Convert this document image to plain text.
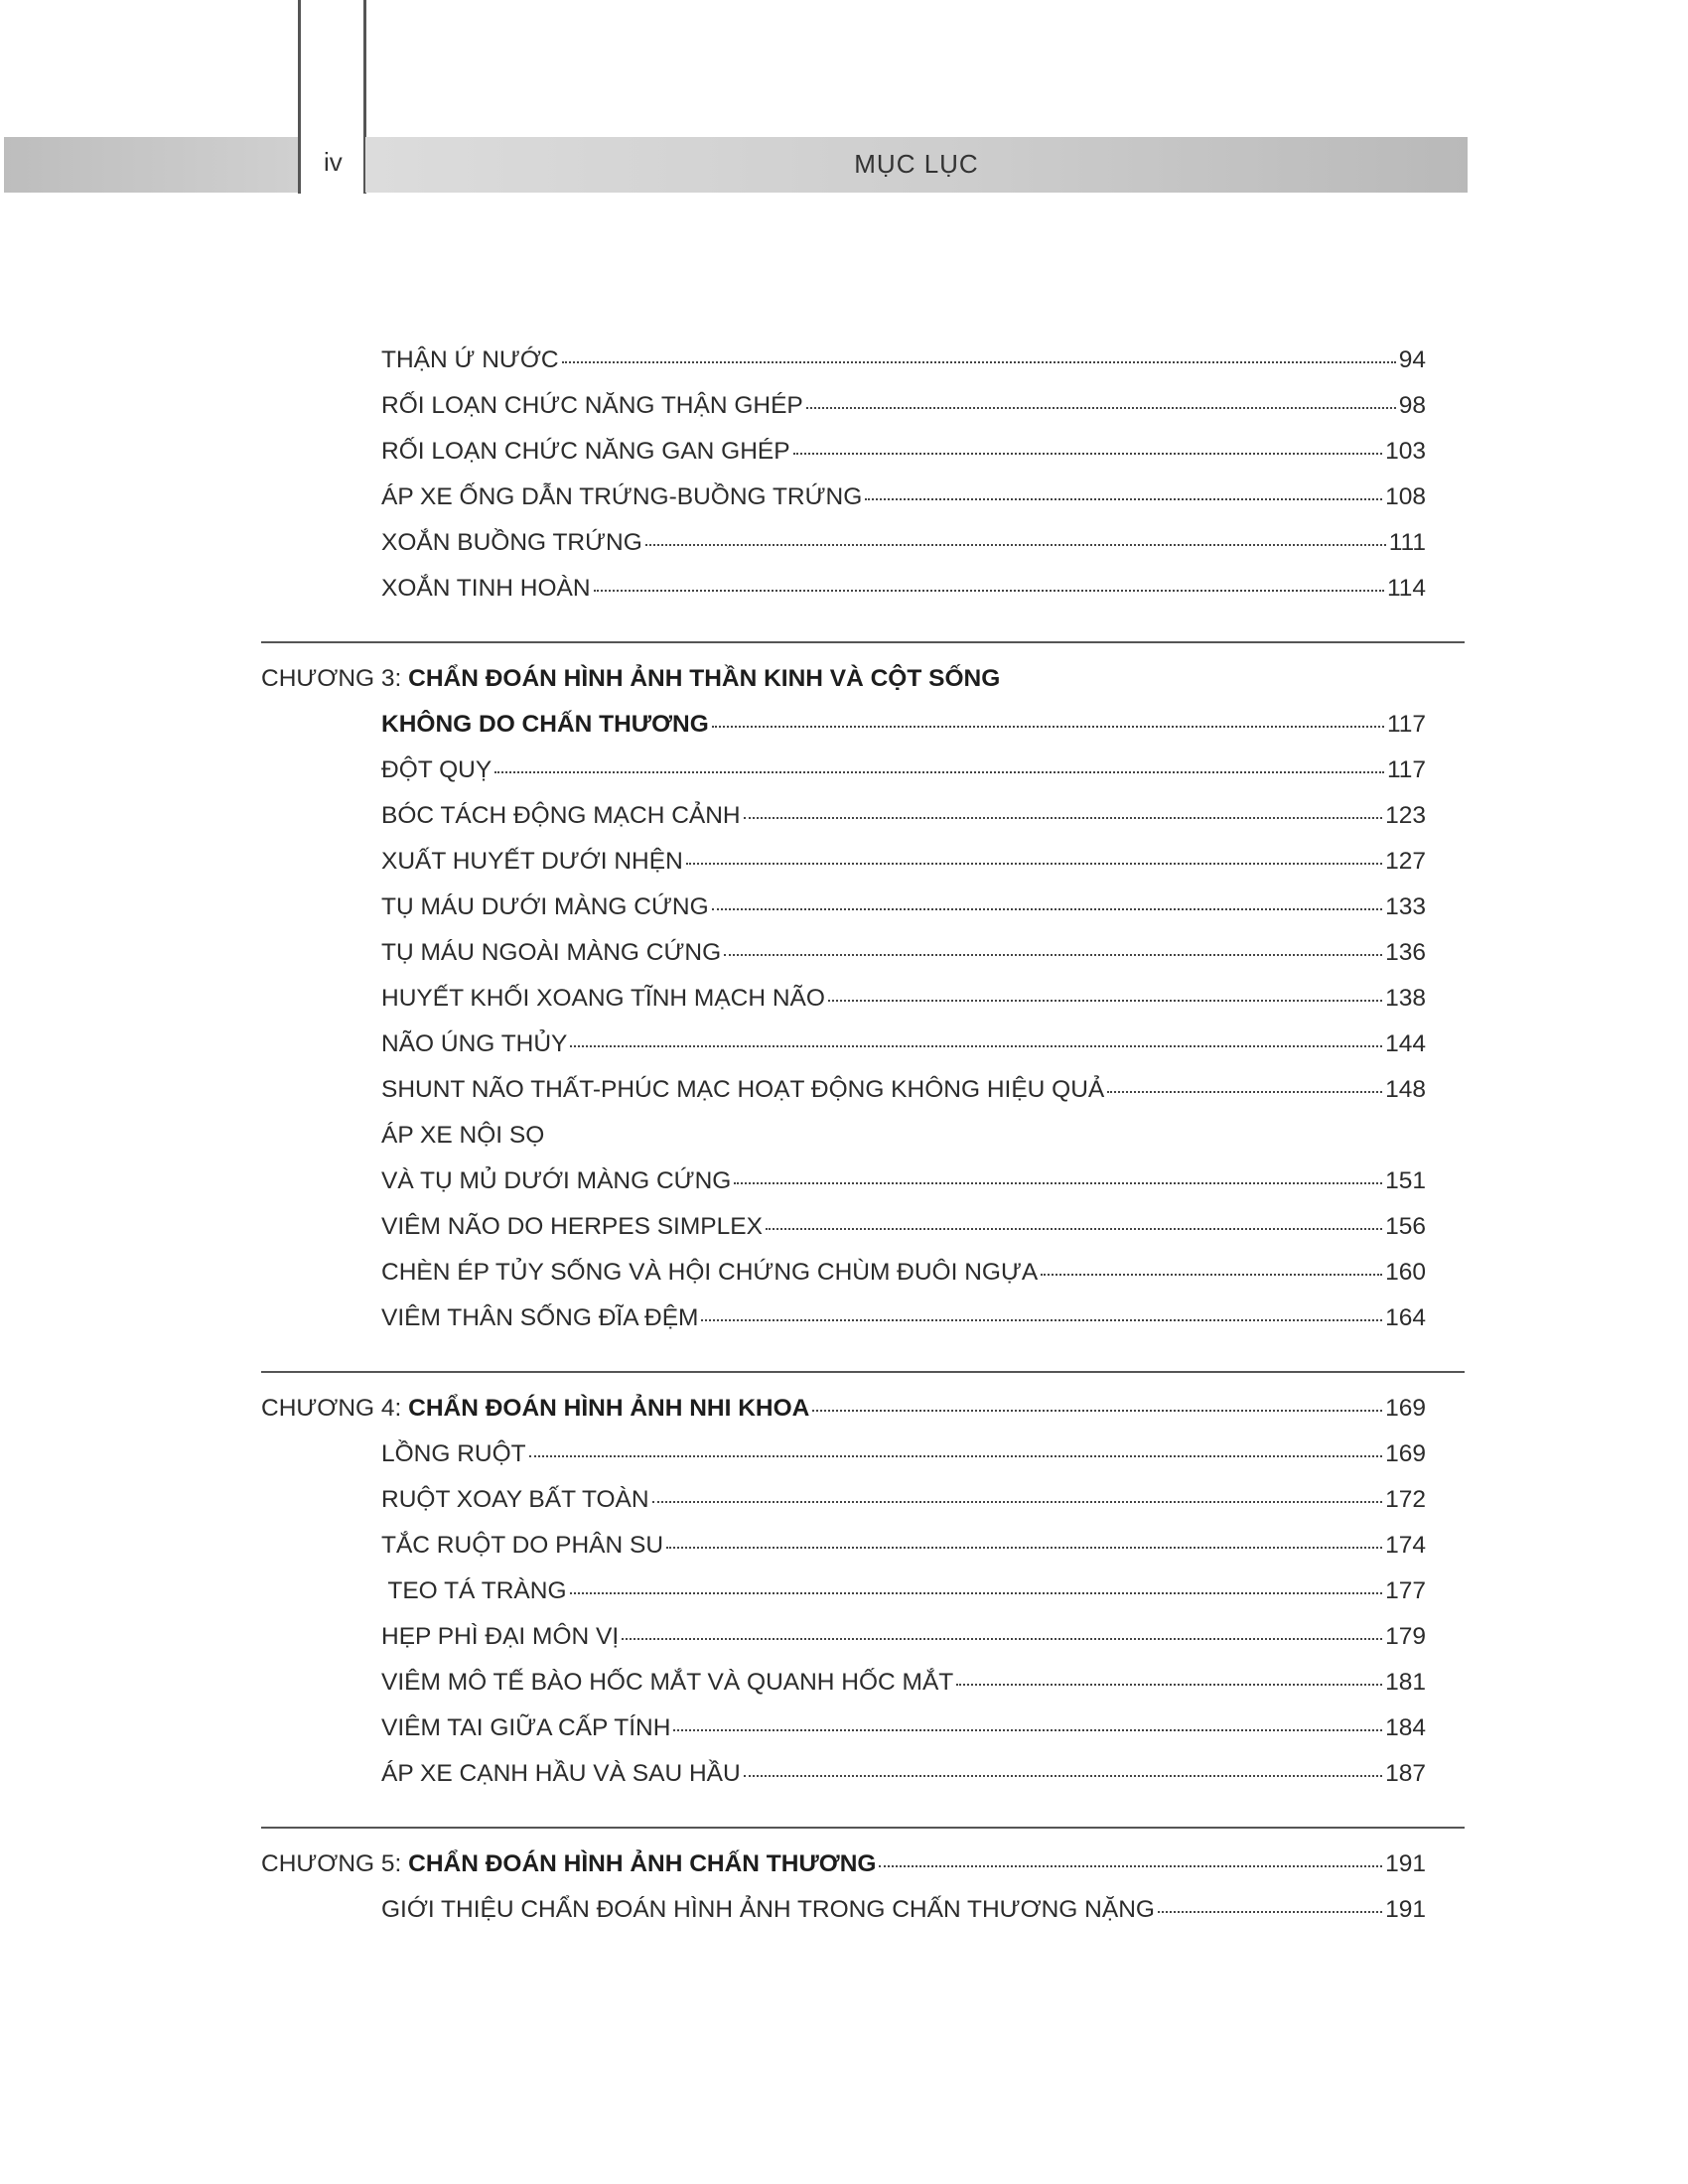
iv	MỤC LỤC
THẬN Ứ NƯỚC	94
RỐI LOẠN CHỨC NĂNG THẬN GHÉP	98
RỐI LOẠN CHỨC NĂNG GAN GHÉP	103
ÁP XE ỐNG DẪN TRỨNG-BUỒNG TRỨNG	108
XOẮN BUỒNG TRỨNG	111
XOẮN TINH HOÀN	114
CHƯƠNG 3: CHẨN ĐOÁN HÌNH ẢNH THẦN KINH VÀ CỘT SỐNG
KHÔNG DO CHẤN THƯƠNG	117
ĐỘT QUỴ	117
BÓC TÁCH ĐỘNG MẠCH CẢNH	123
XUẤT HUYẾT DƯỚI NHỆN	127
TỤ MÁU DƯỚI MÀNG CỨNG	133
TỤ MÁU NGOÀI MÀNG CỨNG	136
HUYẾT KHỐI XOANG TĨNH MẠCH NÃO	138
NÃO ÚNG THỦY	144
SHUNT NÃO THẤT-PHÚC MẠC HOẠT ĐỘNG KHÔNG HIỆU QUẢ	148
ÁP XE NỘI SỌ
VÀ TỤ MỦ DƯỚI MÀNG CỨNG	151
VIÊM NÃO DO HERPES SIMPLEX	156
CHÈN ÉP TỦY SỐNG VÀ HỘI CHỨNG CHÙM ĐUÔI NGỰA	160
VIÊM THÂN SỐNG ĐĨA ĐỆM	164
CHƯƠNG 4: CHẨN ĐOÁN HÌNH ẢNH NHI KHOA	169
LỒNG RUỘT	169
RUỘT XOAY BẤT TOÀN	172
TẮC RUỘT DO PHÂN SU	174
TEO TÁ TRÀNG	177
HẸP PHÌ ĐẠI MÔN VỊ	179
VIÊM MÔ TẾ BÀO HỐC MẮT VÀ QUANH HỐC MẮT	181
VIÊM TAI GIỮA CẤP TÍNH	184
ÁP XE CẠNH HẦU VÀ SAU HẦU	187
CHƯƠNG 5: CHẨN ĐOÁN HÌNH ẢNH CHẤN THƯƠNG	191
GIỚI THIỆU CHẨN ĐOÁN HÌNH ẢNH TRONG CHẤN THƯƠNG NẶNG	191
